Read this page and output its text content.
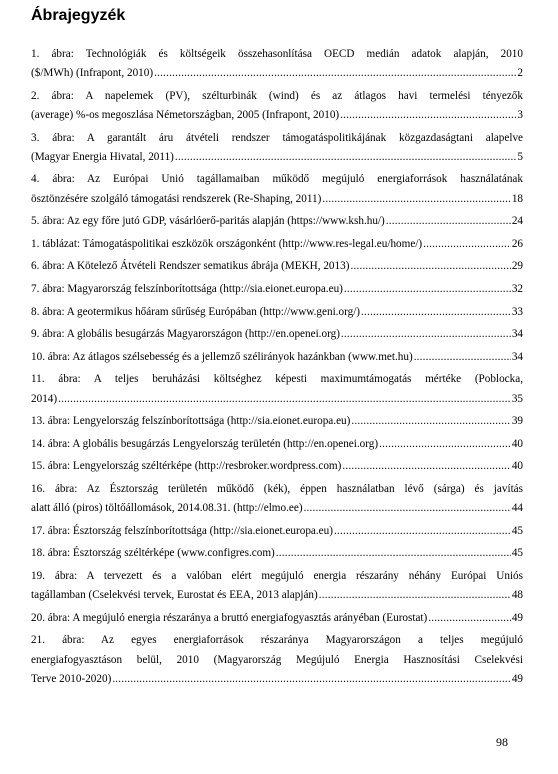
Ábrajegyzék

1. ábra: Technológiák és költségeik összehasonlítása OECD medián adatok alapján, 2010

($/MWh) (Infrapont, 2010) .....	2

2. ábra: A napelemek (PV), szélturbinák (wind) és az átlagos havi termelési tényezők

(average) %-os megoszlása Németországban, 2005 (Infrapont, 2010) .....	3

3. ábra: A garantált áru átvételi rendszer támogatáspolitikájának közgazdaságtani alapelve

(Magyar Energia Hivatal, 2011) .....	5

4. ábra: Az Európai Unió tagállamaiban működő megújuló energiaforrások használatának

ösztönzésére szolgáló támogatási rendszerek (Re-Shaping, 2011) .....	18

5. ábra: Az egy főre jutó GDP, vásárlóerő-paritás alapján (https://www.ksh.hu/) .....	24

1. táblázat: Támogatáspolitikai eszközök országonként (http://www.res-legal.eu/home/) .....	26

6. ábra: A Kötelező Átvételi Rendszer sematikus ábrája (MEKH, 2013) .....	29

7. ábra: Magyarország felszínborítottsága (http://sia.eionet.europa.eu) .....	32

8. ábra: A geotermikus hőáram sűrűség Európában (http://www.geni.org/) .....	33

9. ábra: A globális besugárzás Magyarországon (http://en.openei.org) .....	34

10. ábra: Az átlagos szélsebesség és a jellemző szélirányok hazánkban (www.met.hu) .....	34

11. ábra: A teljes beruházási költséghez képesti maximumtámogatás mértéke (Poblocka,

2014) .....	35

13. ábra: Lengyelország felszínborítottsága (http://sia.eionet.europa.eu) .....	39

14. ábra: A globális besugárzás Lengyelország területén (http://en.openei.org) .....	40

15. ábra: Lengyelország széltérképe (http://resbroker.wordpress.com) .....	40

16. ábra: Az Észtország területén működő (kék), éppen használatban lévő (sárga) és javítás

alatt álló (piros) töltőállomások, 2014.08.31. (http://elmo.ee) .....	44

17. ábra: Észtország felszínborítottsága (http://sia.eionet.europa.eu) .....	45

18. ábra: Észtország széltérképe (www.configres.com) .....	45

19. ábra: A tervezett és a valóban elért megújuló energia részarány néhány Európai Uniós

tagállamban (Cselekvési tervek, Eurostat és EEA, 2013 alapján) .....	48

20. ábra: A megújuló energia részaránya a bruttó energiafogyasztás arányéban (Eurostat) .....	49

21. ábra: Az egyes energiaforrások részaránya Magyarországon a teljes megújuló

energiafogyasztáson belül, 2010 (Magyarország Megújuló Energia Hasznosítási Cselekvési

Terve 2010-2020) .....	49

98
